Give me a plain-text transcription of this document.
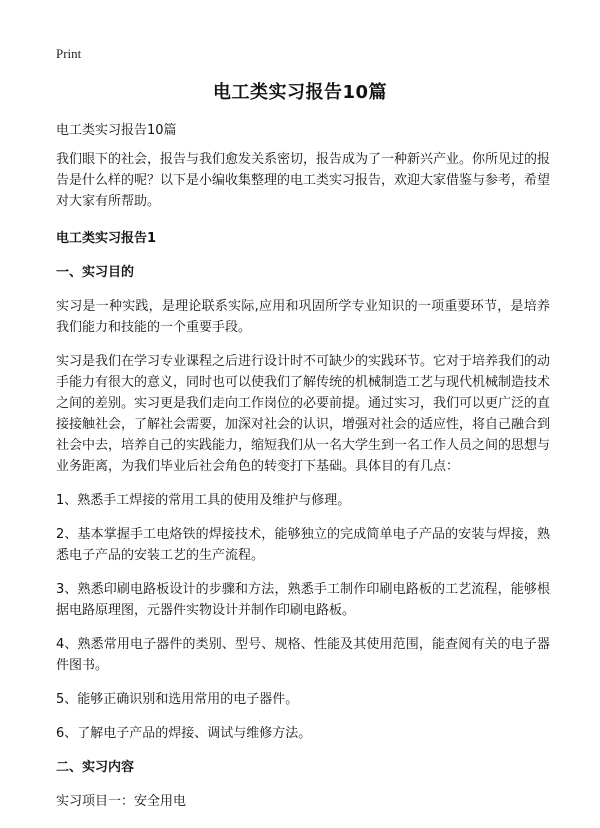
Print
电工类实习报告10篇

电工类实习报告10篇

我们眼下的社会，报告与我们愈发关系密切，报告成为了一种新兴产业。你所见过的报告是什么样的呢？以下是小编收集整理的电工类实习报告，欢迎大家借鉴与参考，希望对大家有所帮助。

电工类实习报告1
一、实习目的

实习是一种实践，是理论联系实际,应用和巩固所学专业知识的一项重要环节，是培养我们能力和技能的一个重要手段。

实习是我们在学习专业课程之后进行设计时不可缺少的实践环节。它对于培养我们的动手能力有很大的意义，同时也可以使我们了解传统的机械制造工艺与现代机械制造技术之间的差别。实习更是我们走向工作岗位的必要前提。通过实习，我们可以更广泛的直接接触社会，了解社会需要，加深对社会的认识，增强对社会的适应性，将自己融合到社会中去，培养自己的实践能力，缩短我们从一名大学生到一名工作人员之间的思想与业务距离，为我们毕业后社会角色的转变打下基础。具体目的有几点：

1、熟悉手工焊接的常用工具的使用及维护与修理。

2、基本掌握手工电烙铁的焊接技术，能够独立的完成简单电子产品的安装与焊接，熟悉电子产品的安装工艺的生产流程。

3、熟悉印刷电路板设计的步骤和方法，熟悉手工制作印刷电路板的工艺流程，能够根据电路原理图，元器件实物设计并制作印刷电路板。

4、熟悉常用电子器件的类别、型号、规格、性能及其使用范围，能查阅有关的电子器件图书。

5、能够正确识别和选用常用的电子器件。

6、了解电子产品的焊接、调试与维修方法。

二、实习内容

实习项目一：安全用电
